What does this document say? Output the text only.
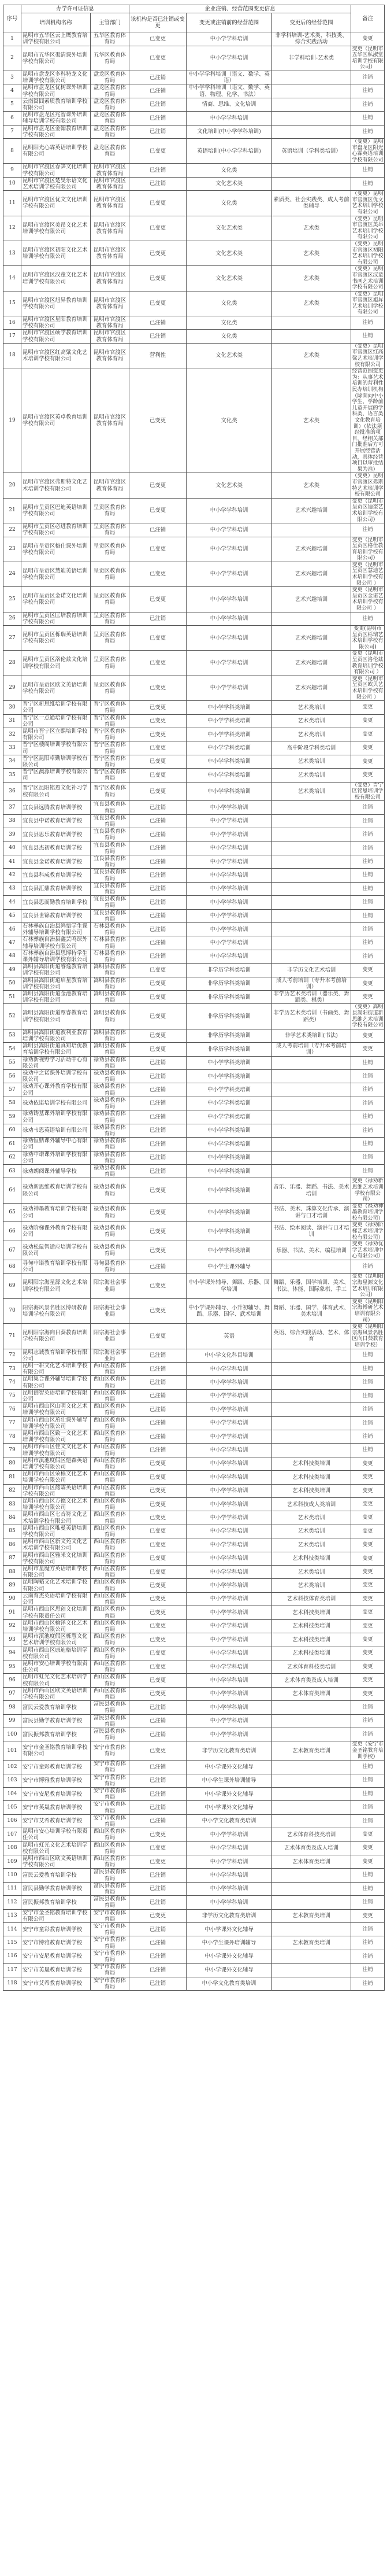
序号	办学许可证信息		企业注销、经营范围变更信息			备注
	培训机构名称	主管部门	该机构是否已注销或变更	变更或注销前的经营范围	变更后的经营范围	
1	昆明市五华区云上鹰教育培训学校有限公司	五华区教育体育局	已变更	中小学学科培训	非学科培训-艺术类、科技类、综合实践活动	变更
2	昆明市五华区渠清课外培训学校有限公司	五华区教育体育局	已变更	中小学学科培训	非学科培训-艺术类	变更（昆明市五华区私淑堂培训学校有限公司）
3	昆明市盘龙区多科特龙文化培训学校有限公司	盘龙区教育体育局	已注销	中小学学科培训（语文、数学、英语）		注销
4	昆明市盘龙区优树课外培训学校有限公司	盘龙区教育体育局	已注销	中小学学科培训（语文、数学、英语、物理、化学、书法）		注销
5	云南囧囧素质教育培训学校有限公司	盘龙区教育体育局	已注销	情商、思维、文化培训		注销
6	昆明市盘龙区兆智课外培训辅导培训学校有限公司	盘龙区教育体育局	已注销	中小学学科培训		注销
7	昆明市盘龙区金翰教育培训学校有限公司	盘龙区教育体育局	已注销	文化培训(中小学学科培训)		注销
8	昆明阳光心霖英语培训学校有限公司	盘龙区教育体育局	已变更	英语培训(中小学学科培训)	英语培训（学科类培训）	（变更）昆明市盘龙区阳光心霖英语培训学校有限公司
9	昆明市官渡区春笋文化培训学校有限公司	昆明市官渡区教育体育局	已注销	文化类		注销
10	昆明市官渡区楚旻乐语文化艺术培训学校有限公司	昆明市官渡区教育体育局	已注销	文化艺术类		注销
11	昆明市官渡区优文文化培训学校有限公司	昆明市官渡区教育体育局	已变更	文化类	素质类、社会实践类、成人考前类辅导	（变更）昆明市官渡区优文艺术培训学校有限公司
12	昆明市官渡区美昂文化艺术培训学校有限公司	昆明市官渡区教育体育局	已变更	文化艺术类	艺术类	（变更）昆明市官渡区美昂艺术培训学校有限公司
13	昆明市官渡区初阳文化艺术培训学校有限公司	昆明市官渡区教育体育局	已变更	文化艺术类	艺术类	（变更）昆明市官渡区初阳艺术培训学校有限公司
14	昆明市官渡区汉童文化艺术培训学校有限公司	昆明市官渡区教育体育局	已变更	文化艺术类	艺术类	（变更）昆明市官渡区汉童书画艺术培训学校有限公司
15	昆明市官渡区旭昇教育培训学校有限公司	昆明市官渡区教育体育局	已变更	文化类	艺术类	（变更）昆明市官渡区旭昇艺术培训学校有限公司
16	昆明市官渡区星阳教育培训学校有限公司	昆明市官渡区教育体育局	已注销	文化类		注销
17	昆明市官渡区硕学教育培训学校有限公司	昆明市官渡区教育体育局	已注销	文化类		注销
18	昆明市官渡区红高粱文化艺术培训学校有限公司	昆明市官渡区教育体育局	营利性	文化艺术类	艺术类	（变更）昆明市官渡区红高粱艺术培训学校有限公司
19	昆明市官渡区英卓教育培训学校有限公司	昆明市官渡区教育体育局	已变更	文化类	艺术类	经营范围变更为：从事艺术培训的营利性民办培训机构（除面向中小学生、学龄前儿童开展的学科类、语言类文化教育培训）（依法须经批准的项目，经相关部门批准后方可开展经营活动，具体经营项目以审批结果为准）
20	昆明市官渡区弗斯特文化艺术培训学校有限公司	昆明市官渡区教育体育局	已变更	文化艺术类	艺术类	（变更）昆明市官渡区弗斯特艺术培训学校有限公司
21	昆明市呈贡区巴迪英语培训学校有限公司	呈贡区教育体育局	已变更	中小学学科培训	艺术兴趣培训	变更（昆明市呈贡区迪奎艺术培训学校有限公司）
22	昆明市呈贡区必进教育培训学校有限公司	呈贡区教育体育局	已注销	中小学学科培训		注销
23	昆明市呈贡区格仕课外培训学校有限公司	呈贡区教育体育局	已变更	中小学学科培训	艺术兴趣培训	变更（昆明市呈贡区格仕教育培训学校有限公司）
24	昆明市呈贡区慧迪英语培训学校有限公司	呈贡区教育体育局	已变更	中小学学科培训	艺术兴趣培训	变更（昆明市呈贡区慧迪艺术培训学校有限公司 ）
25	昆明市呈贡区金诺文化培训学校有限公司	呈贡区教育体育局	已变更	中小学学科培训	艺术兴趣培训	变更（昆明市呈贡区金诺艺术培训学校有限公司 ）
26	昆明市呈贡区匡培教育培训学校有限公司	呈贡区教育体育局	已注销	中小学学科培训		注销
27	昆明市呈贡区栎瑞英语培训学校有限公司	呈贡区教育体育局	已变更	中小学学科培训	艺术兴趣培训	变更(昆明市呈贡区栎瑞艺术培训学校有限公司)
28	昆明市呈贡区洛伦兹文化培训学校有限公司	呈贡区教育体育局	已变更	中小学学科培训	艺术兴趣培训	变更（昆明市呈贡区洛伦兹教育培训学校有限公司 ）
29	昆明市呈贡区欧文英语培训学校有限公司	呈贡区教育体育局	已变更	中小学学科培训	艺术兴趣培训	变更（昆明市呈贡区欧贝艺术培训学校有限公司 ）
30	晋宁区新思维培训学校有限公司	晋宁区教育体育局	已变更	中小学学科类培训	艺术类培训	变更
31	晋宁区一点通培训学校有限公司	晋宁区教育体育局	已变更	中小学学科类培训	艺术类培训	变更
32	昆明市晋宁区立熙培训学校有限公司	晋宁区教育体育局	已变更	中小学学科类培训	艺术类培训	变更
33	晋宁区楼阁培训学校有限公司	晋宁区教育体育局	已变更	中小学学科类培训	高中阶段学科类培训	变更
34	晋宁区昆阳卓勤培训学校有限公司	晋宁区教育体育局	已变更	中小学学科类培训	艺术类培训	变更
35	晋宁区澳源培训学校有限公司	晋宁区教育体育局	已变更	中小学学科类培训	艺术类培训	变更
36	晋宁区昆阳铭恩文化补习学校有限公司	晋宁区教育体育局	已变更	中小学学科类培训	艺术类培训	（变更）晋宁区铭恩培训学校有限公司
37	宜良县远腾教育培训学校	宜良县教育体育局	已注销	中小学学科培训		注销
38	宜良县中诺教育培训学校	宜良县教育体育局	已注销	中小学学科培训		注销
39	宜良县思乐教育培训学校	宜良县教育体育局	已注销	中小学学科培训		注销
40	宜良县杰初教育培训学校	宜良县教育体育局	已注销	中小学学科培训		注销
41	宜良县金诺教育培训学校	宜良县教育体育局	已注销	中小学学科培训		注销
42	宜良县科成教育培训学校	宜良县教育体育局	已注销	中小学学科培训		注销
43	宜良县汇鼎教育培训学校	宜良县教育体育局	已注销	中小学学科培训		注销
44	宜良县思而勤教育培训学校	宜良县教育体育局	已注销	中小学学科培训		注销
45	宜良县世锦教育培训学校	宜良县教育体育局	已注销	中小学学科培训		注销
46	石林彝族自治县鸿悟学生课外辅导培训学校有限公司	石林县教育体育局	已注销	中小学学科培训		注销
47	石林彝族自治县鑫芸鸣课外辅导培训学校有限公司	石林县教育体育局	已注销	中小学学科培训		注销
48	石林彝族自治县思博特学生课外辅导培训学校有限公司	石林县教育体育局	已注销	中小学学科培训		注销
49	嵩明县嵩阳街道睿逸教育培训学校有限公司	嵩明县教育体育局	已变更	非学历学科类培训	非学历文化艺术培训	变更
50	嵩明县嵩阳街道启星教育培训学校有限公司	嵩明县教育体育局	已变更	非学历学科类培训	成人考前培训（专升本考前培训）	变更
51	嵩明县嵩阳街道金池教育培训学校有限公司	嵩明县教育体育局	已变更	非学历学科类培训	非学历艺术类培训（器乐类、舞蹈类、棋类）	变更
52	嵩明县嵩阳街道覃睿教育培训学校有限公司	嵩明县教育体育局	已变更	非学历学科类培训	非学历艺术类培训（书画类、舞蹈类）	（变更）嵩明县嵩阳街道新思维艺术培训学校有限公司
53	嵩明县嵩阳街道波利亚教育培训学校有限公司	嵩明县教育体育局	已变更	非学历学科类培训	非学艺术类培训(书法)	变更
54	嵩明县嵩阳街道真知培优教育培训学校有限公司	嵩明县教育体育局	已变更	非学历学科类培训	成人考前培训（专升本考前培训）	变更
55	禄劝新视野学习活动中心有限公司	禄劝县教育体育局	已注销	中小学学科类培训		注销
56	禄劝中之诺课外培训学校有限公司	禄劝县教育体育局	已注销	中小学学科类培训		注销
57	禄劝开心课外教育学校有限公司	禄劝县教育体育局	已注销	中小学学科类培训		注销
58	禄劝依诺培训学校有限公司	禄劝县教育体育局	已注销	中小学学科类培训		注销
59	禄劝铸基课外培训学校有限公司	禄劝县教育体育局	已注销	中小学学科类培训		注销
60	禄劝韦恩英语培训有限公司	禄劝县教育体育局	已注销	中小学学科类培训		注销
61	禄劝恒鼎课外辅导中心有限公司	禄劝县教育体育局	已注销	中小学学科类培训		注销
62	禄劝中诺课外培训学校有限公司	禄劝县教育体育局	已注销	中小学学科类培训		注销
63	禄劝朗阅课外辅导学校	禄劝县教育体育局	已注销	中小学学科类培训		注销
64	禄劝新思维教育培训学校有限公司	禄劝县教育体育局	已变更	中小学学科类培训	音乐、乐器、舞蹈、书法、美术培训	变更（禄劝新思维艺术培训学校有限公司）
65	禄劝神墨教育培训学校有限公司	禄劝县教育体育局	已变更	中小学学科类培训	书法、美术、珠算文化传承、演讲与口才培训	变更（禄劝神墨教育培训学校有限公司）
66	禄劝阶梯课外教育学校有限公司	禄劝县教育体育局	已变更	中小学学科类培训	书法、绘本阅读、演讲与口才培训	变更（禄劝阶梯艺术培训学校有限公司）
67	禄劝松鼠智适应培训学校有限公司	禄劝县教育体育局	已变更	中小学学科类培训	乐器、书法、美术、编程培训	变更（禄劝优学艺术培训中心有限公司）
68	寻甸中诺教育培训学校有限公司	寻甸县教育体育局	已注销	中小学生课外辅导		注销
69	昆明阳宗海星源文化艺术培训学校有限公司	阳宗海社会事业局	已变更	中小学课外辅导、舞蹈、乐器、国学培训	舞蹈、乐器、国学培训、美术、书法、体能、国际象棋、手工	变更（昆明阳宗海星源文化艺术培训有限公司）
70	阳宗海风景名胜区博研教育培训学校有限公司	阳宗海社会事业局	已变更	中小学课外辅导、小升初辅导、舞蹈、乐器、国学、武术培训	舞蹈、乐器、国学、体育武术、美术培训	变更（昆明阳宗海博研艺术培训有限公司）
71	昆明阳宗海向日葵教育培训学校有限公司	阳宗海社会事业局	已变更	英语	英语、综合实践活动、艺术、体育	变更（昆明阳宗海风景名胜区向日葵教育培训学校）
72	昆明志诚教育培训学校有限公司	阳宗海社会事业局	已注销	中小学文化科目培训		注销
73	昆明一耕文化艺术培训学校有限公司	西山区教育体育局	已注销	中小学学科培训		注销
74	昆明集合课外辅导培训学校有限公司	西山区教育体育局	已注销	中小学学科培训		注销
75	昆明创智英语培训学校有限公司	西山区教育体育局	已注销	中小学学科培训		注销
76	昆明市西山区山明文化艺术培训学校有限公司	西山区教育体育局	已注销	中小学学科培训		注销
77	昆明市西山区茁壮课外辅导培训学校有限公司	西山区教育体育局	已注销	中小学学科培训		注销
78	昆明市西山区致一文化艺术培训学校有限公司	西山区教育体育局	已注销	中小学学科培训		注销
79	昆明市西山区佳文文化艺术培训学校有限公司	西山区教育体育局	已注销	中小学学科培训		注销
80	昆明市滇池度假区恺森英语培训学校有限公司	西山区教育体育局	已变更	中小学学科培训	艺术科技类培训	变更
81	昆明市西山区荣栎文化艺术培训学校有限公司	西山区教育体育局	已变更	中小学学科培训	艺术科技类培训	变更
82	昆明市西山区懿霖英语培训学校有限公司	西山区教育体育局	已变更	中小学学科培训	艺术科技类培训	变更
83	昆明市西山区方德文化艺术培训学校有限公司	西山区教育体育局	已变更	中小学学科培训	艺术科技成人类培训	变更
84	昆明市西山区七音符文化艺术培训学校有限公司	西山区教育体育局	已变更	中小学学科培训	艺术类培训	变更
85	昆明市西山区唯曼英语培训学校有限公司	西山区教育体育局	已变更	中小学学科培训	艺术类培训	变更
86	昆明市西山区新文苑文化艺术培训学校有限公司	西山区教育体育局	已变更	中小学学科培训	艺术类培训	变更
87	昆明市西山区雅米文化培训学校有限公司	西山区教育体育局	已变更	中小学学科培训	艺术科技类培训	变更
88	昆明市星魔方英语培训学校有限公司	西山区教育体育局	已变更	中小学学科培训	艺术类培训	变更
89	昆明陶韬文化艺术培训学校有限公司	西山区教育体育局	已变更	中小学学科培训	艺术类培训	变更
90	云南育杰英语培训学校有限公司	西山区教育体育局	已变更	中小学学科培训	艺术科技体育类培训	变更
91	昆明市西山区思创文化培训学校有限责任公司	西山区教育体育局	已变更	中小学学科培训	艺术科技类培训	变更
92	昆明市西山区榆泽文化艺术培训学校有限公司	西山区教育体育局	已变更	中小学学科培训	艺术科技类培训	变更
93	昆明市滇池度假区栎慧文化艺术培训学校有限公司	西山区教育体育局	已变更	中小学学科培训	艺术科技类培训	变更
94	昆明市西山区康迪格培训学校有限公司	西山区教育体育局	已变更	中小学学科培训	艺术科技类培训	变更
95	昆明市安心培训学校有限责任公司	西山区教育体育局	已变更	中小学学科培训	艺术体育科技类培训	变更
96	昆明市虹光文化艺术培训学校有限公司	西山区教育体育局	已变更	中小学学科培训	艺术体育类及成人培训	变更
97	昆明市西山区欧文英语培训学校有限公司	西山区教育体育局	已变更	中小学学科培训	艺术体育类培训	变更
98	富民云爱教育培训学校	富民县教育体育局	已注销	中小学学科培训		注销
99	富民县勤学教育培训学校	富民县教育体育局	已注销	中小学学科培训		注销
100	富民振邦教育培训学校	富民县教育体育局	已注销	中小学学科培训		注销
101	安宁市金圣铭教育培训学校有限公司	安宁市教育体育局	已变更	非学历文化教育类培训	艺术教育类培训	变更（安宁市金圣铭教育培训学校）
102	安宁市童彩教育培训学校	安宁市教育体育局	已注销	中小学课外文化辅导		注销
103	安宁市博雅教育培训学校	安宁市教育体育局	已注销	中小学生课外培训辅导		注销
104	安宁市安尼教育培训学校	安宁市教育体育局	已注销	中小学课外文化辅导		注销
105	安宁市英晟教育培训学校	安宁市教育体育局	已注销	中小学课外文化辅导		注销
106	安宁市艾希教育培训学校	安宁市教育体育局	已注销	中小学文化教育类培训		注销
107	昆明市安心培训学校有限责任公司	西山区教育体育局	已变更	中小学学科培训	艺术体育科技类培训	变更
108	昆明市虹光文化艺术培训学校有限公司	西山区教育体育局	已变更	中小学学科培训	艺术体育类及成人培训	变更
109	昆明市西山区欧文英语培训学校有限公司	西山区教育体育局	已变更	中小学学科培训	艺术体育类培训	变更
110	富民云爱教育培训学校	富民县教育体育局	已注销	中小学学科培训		注销
111	富民县勤学教育培训学校	富民县教育体育局	已注销	中小学学科培训		注销
112	富民振邦教育培训学校	富民县教育体育局	已注销	中小学学科培训		注销
113	安宁市金圣铭教育培训学校有限公司	安宁市教育体育局	已变更	非学历文化教育类培训	艺术教育类培训	变更
114	安宁市童彩教育培训学校	安宁市教育体育局	已注销	中小学课外文化辅导		注销
115	安宁市博雅教育培训学校	安宁市教育体育局	已注销	中小学生课外培训辅导	艺术教育类培训	注销
116	安宁市安尼教育培训学校	安宁市教育体育局	已注销	中小学课外文化辅导		注销
117	安宁市英晟教育培训学校	安宁市教育体育局	已注销	中小学课外文化辅导		注销
118	安宁市艾希教育培训学校	安宁市教育体育局	已注销	中小学文化教育类培训		注销
